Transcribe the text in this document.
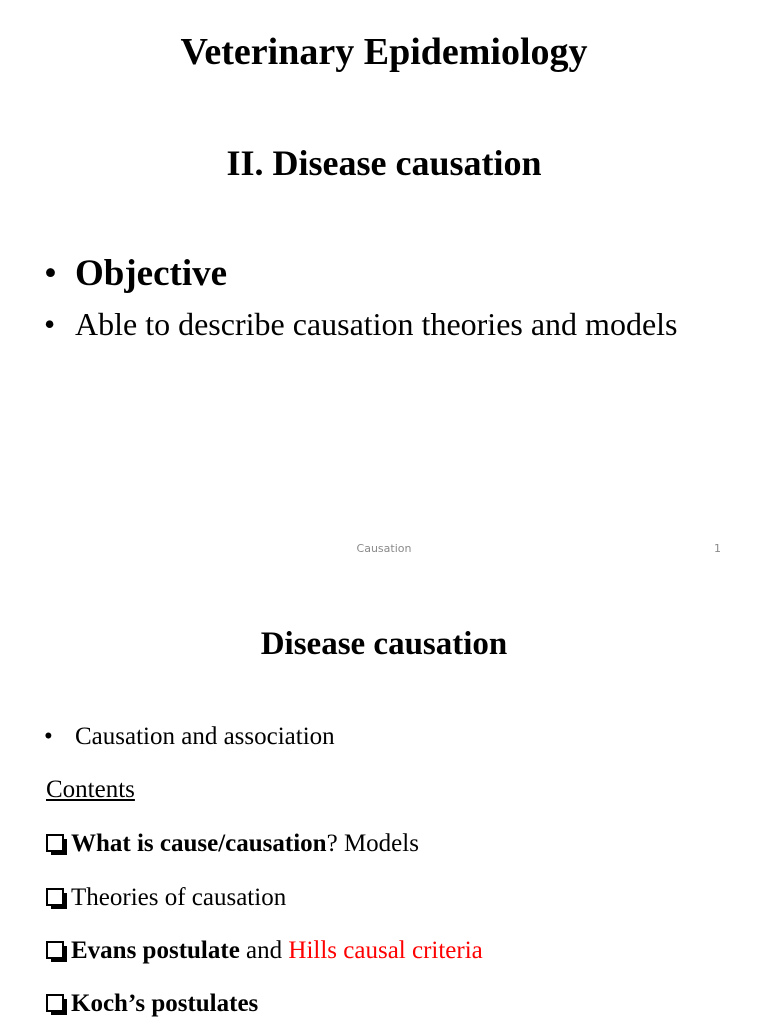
Veterinary Epidemiology
II. Disease causation
• Objective
• Able to describe causation theories and models
Causation	1
Disease causation
• Causation and association
Contents
What is cause/causation? Models
Theories of causation
Evans postulate and Hills causal criteria
Koch’s postulates
